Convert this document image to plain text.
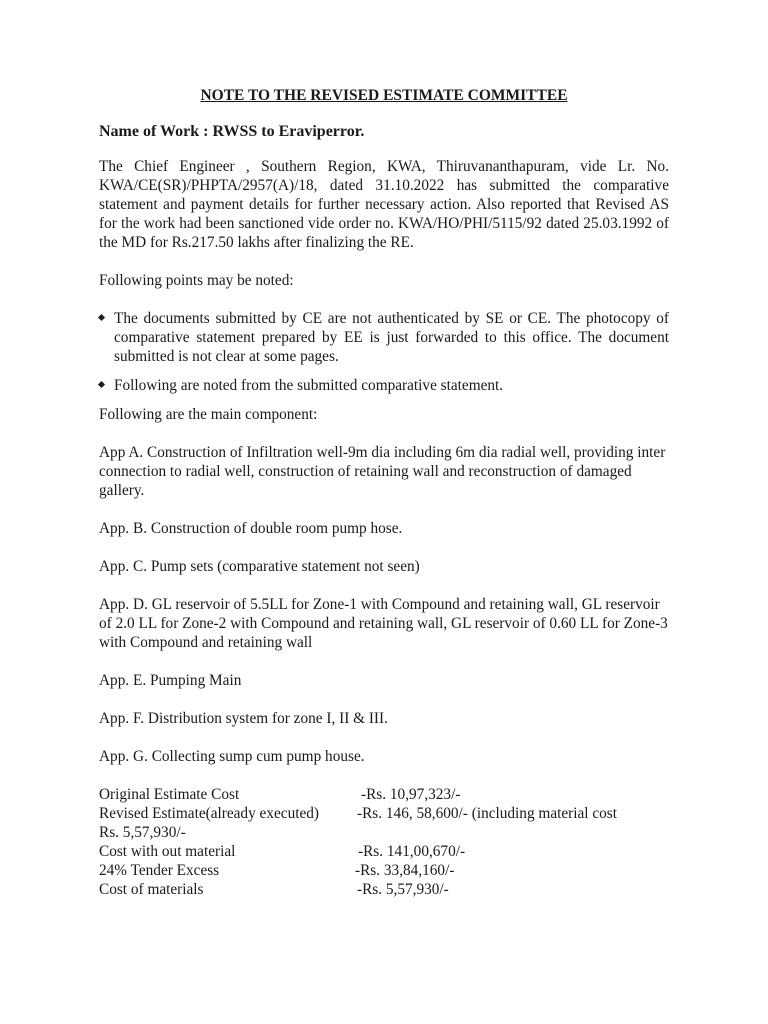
NOTE TO THE REVISED ESTIMATE COMMITTEE
Name of Work : RWSS to Eraviperror.

The Chief Engineer , Southern Region, KWA, Thiruvananthapuram, vide Lr. No. KWA/CE(SR)/PHPTA/2957(A)/18, dated 31.10.2022 has submitted the comparative statement and payment details for further necessary action. Also reported that Revised AS for the work had been sanctioned vide order no. KWA/HO/PHI/5115/92 dated 25.03.1992 of the MD for Rs.217.50 lakhs after finalizing the RE.

Following points may be noted:

The documents submitted by CE are not authenticated by SE or CE. The photocopy of comparative statement prepared by EE is just forwarded to this office. The document submitted is not clear at some pages.
Following are noted from the submitted comparative statement.

Following are the main component:

App A. Construction of Infiltration well-9m dia including 6m dia radial well, providing inter connection to radial well, construction of retaining wall and reconstruction of damaged gallery.

App. B. Construction of double room pump hose.

App. C. Pump sets (comparative statement not seen)

App. D. GL reservoir of 5.5LL for Zone-1 with Compound and retaining wall, GL reservoir of 2.0 LL for Zone-2 with Compound and retaining wall, GL reservoir of 0.60 LL for Zone-3 with Compound and retaining wall

App. E. Pumping Main

App. F. Distribution system for zone I, II & III.

App. G. Collecting sump cum pump house.

Original Estimate Cost	-Rs. 10,97,323/-
Revised Estimate(already executed) -Rs. 146, 58,600/- (including material cost
Rs. 5,57,930/-
Cost with out material	-Rs. 141,00,670/-
24% Tender Excess	-Rs. 33,84,160/-
Cost of materials	-Rs. 5,57,930/-
